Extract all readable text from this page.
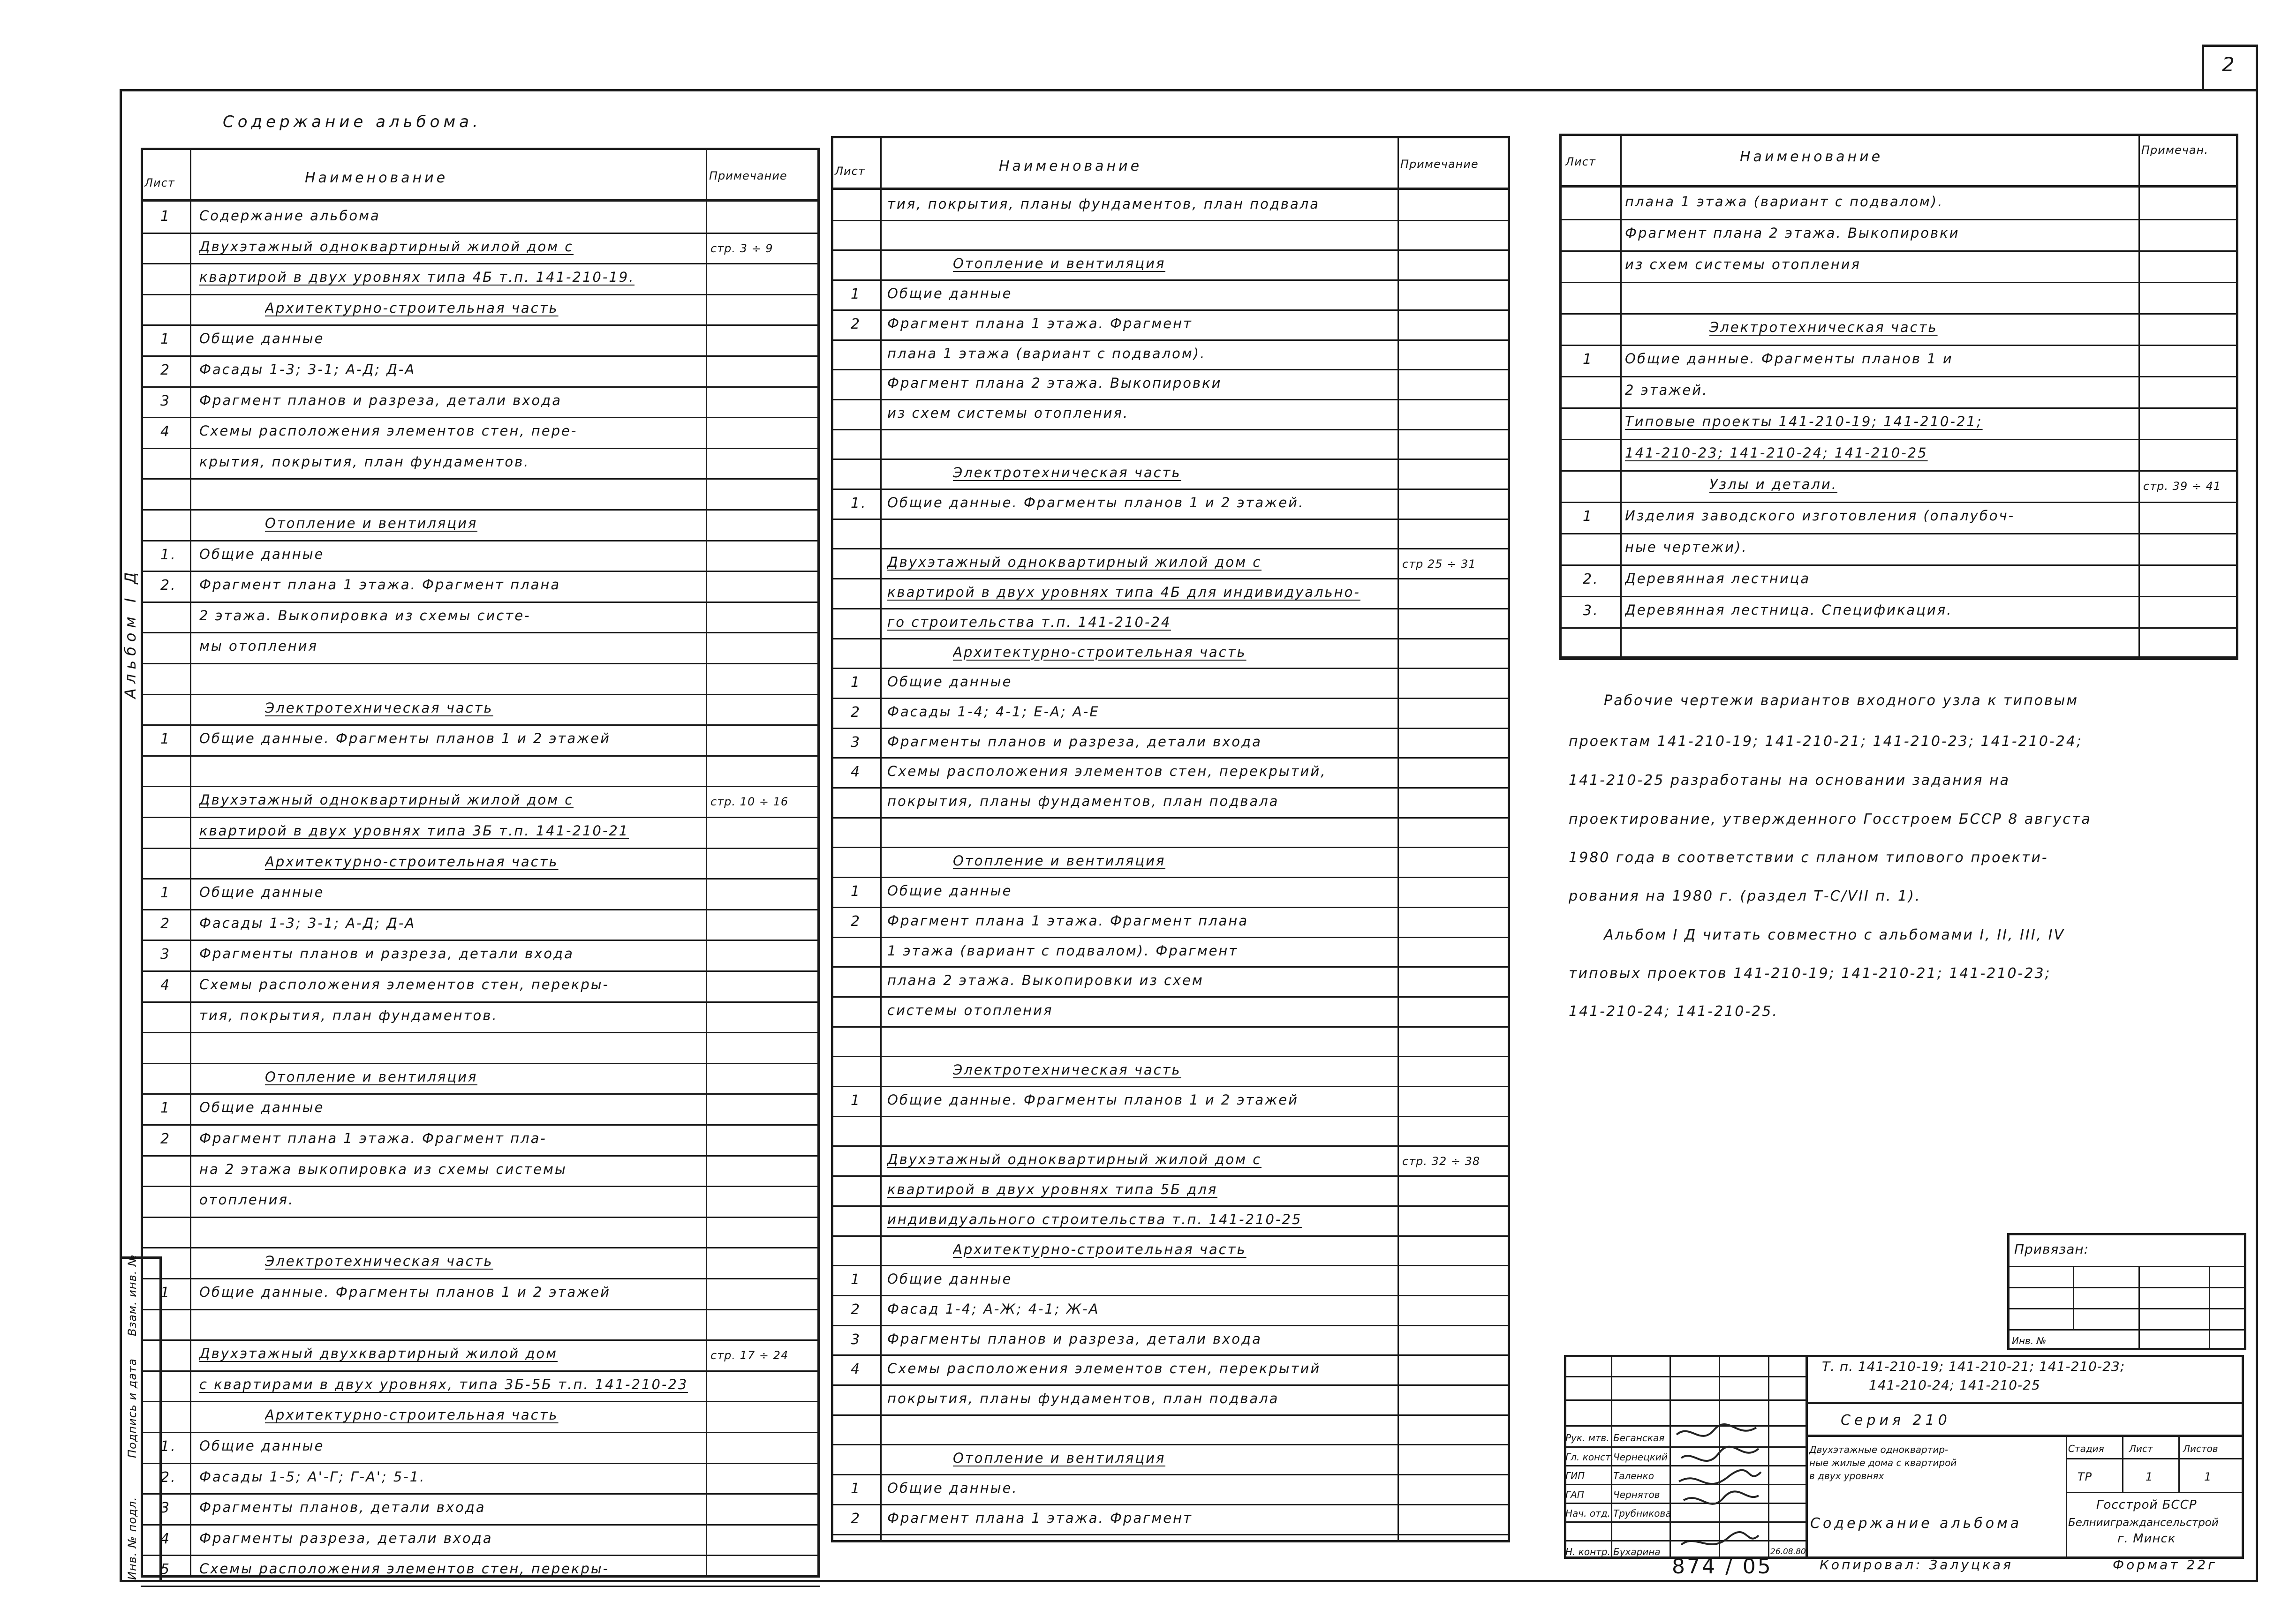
2
Инв. № подл.
Подпись и дата
Взам. инв. №
Альбом I Д
Содержание альбома.
Лист	Наименование	Примечание
1 Содержание альбома
Двухэтажный одноквартирный жилой дом с	стр. 3 ÷ 9
квартирой в двух уровнях типа 4Б т.п. 141-210-19.
Архитектурно-строительная часть
1 Общие данные
2 Фасады 1-3; 3-1; А-Д; Д-А
3 Фрагмент планов и разреза, детали входа
4 Схемы расположения элементов стен, пере-
крытия, покрытия, план фундаментов.
Отопление и вентиляция
1. Общие данные
2. Фрагмент плана 1 этажа. Фрагмент плана
2 этажа. Выкопировка из схемы систе-
мы отопления
Электротехническая часть
1 Общие данные. Фрагменты планов 1 и 2 этажей
Двухэтажный одноквартирный жилой дом с	стр. 10 ÷ 16
квартирой в двух уровнях типа 3Б т.п. 141-210-21
Архитектурно-строительная часть
1 Общие данные
2 Фасады 1-3; 3-1; А-Д; Д-А
3 Фрагменты планов и разреза, детали входа
4 Схемы расположения элементов стен, перекры-
тия, покрытия, план фундаментов.
Отопление и вентиляция
1 Общие данные
2 Фрагмент плана 1 этажа. Фрагмент пла-
на 2 этажа выкопировка из схемы системы
отопления.
Электротехническая часть
1 Общие данные. Фрагменты планов 1 и 2 этажей
Двухэтажный двухквартирный жилой дом	стр. 17 ÷ 24
с квартирами в двух уровнях, типа 3Б-5Б т.п. 141-210-23
Архитектурно-строительная часть
1. Общие данные
2. Фасады 1-5; А'-Г; Г-А'; 5-1.
3 Фрагменты планов, детали входа
4 Фрагменты разреза, детали входа
5 Схемы расположения элементов стен, перекры-
Лист	Наименование	Примечание
тия, покрытия, планы фундаментов, план подвала
Отопление и вентиляция
1 Общие данные
2 Фрагмент плана 1 этажа. Фрагмент
плана 1 этажа (вариант с подвалом).
Фрагмент плана 2 этажа. Выкопировки
из схем системы отопления.
Электротехническая часть
1. Общие данные. Фрагменты планов 1 и 2 этажей.
Двухэтажный одноквартирный жилой дом с	стр 25 ÷ 31
квартирой в двух уровнях типа 4Б для индивидуально-
го строительства т.п. 141-210-24
Архитектурно-строительная часть
1 Общие данные
2 Фасады 1-4; 4-1; Е-А; А-Е
3 Фрагменты планов и разреза, детали входа
4 Схемы расположения элементов стен, перекрытий,
покрытия, планы фундаментов, план подвала
Отопление и вентиляция
1 Общие данные
2 Фрагмент плана 1 этажа. Фрагмент плана
1 этажа (вариант с подвалом). Фрагмент
плана 2 этажа. Выкопировки из схем
системы отопления
Электротехническая часть
1 Общие данные. Фрагменты планов 1 и 2 этажей
Двухэтажный одноквартирный жилой дом с	стр. 32 ÷ 38
квартирой в двух уровнях типа 5Б для
индивидуального строительства т.п. 141-210-25
Архитектурно-строительная часть
1 Общие данные
2 Фасад 1-4; А-Ж; 4-1; Ж-А
3 Фрагменты планов и разреза, детали входа
4 Схемы расположения элементов стен, перекрытий
покрытия, планы фундаментов, план подвала
Отопление и вентиляция
1 Общие данные.
2 Фрагмент плана 1 этажа. Фрагмент
Лист	Наименование	Примечан.
плана 1 этажа (вариант с подвалом).
Фрагмент плана 2 этажа. Выкопировки
из схем системы отопления
Электротехническая часть
1 Общие данные. Фрагменты планов 1 и
2 этажей.
Типовые проекты 141-210-19; 141-210-21;
141-210-23; 141-210-24; 141-210-25
Узлы и детали.	стр. 39 ÷ 41
1 Изделия заводского изготовления (опалубоч-
ные чертежи).
2. Деревянная лестница
3. Деревянная лестница. Спецификация.
Рабочие чертежи вариантов входного узла к типовым
проектам 141-210-19; 141-210-21; 141-210-23; 141-210-24;
141-210-25 разработаны на основании задания на
проектирование, утвержденного Госстроем БССР 8 августа
1980 года в соответствии с планом типового проекти-
рования на 1980 г. (раздел Т-С/VII п. 1).
Альбом I Д читать совместно с альбомами I, II, III, IV
типовых проектов 141-210-19; 141-210-21; 141-210-23;
141-210-24; 141-210-25.
Привязан:
Инв. №
Т. п. 141-210-19; 141-210-21; 141-210-23;
141-210-24; 141-210-25
Серия 210
Двухэтажные одноквартир-
ные жилые дома с квартирой
в двух уровнях
Стадия	Лист	Листов
ТР	1	1
Содержание альбома
Госстрой БССР
Белнииграждансельстрой
г. Минск
Рук. мтв. Беганская
Гл. конст.
Чернецкий
ГИП	Таленко
ГАП	Чернятов
Нач. отд. Трубникова
Н. контр. Бухарина	26.08.80
Копировал: Залуцкая	Формат 22г
874 / 05
